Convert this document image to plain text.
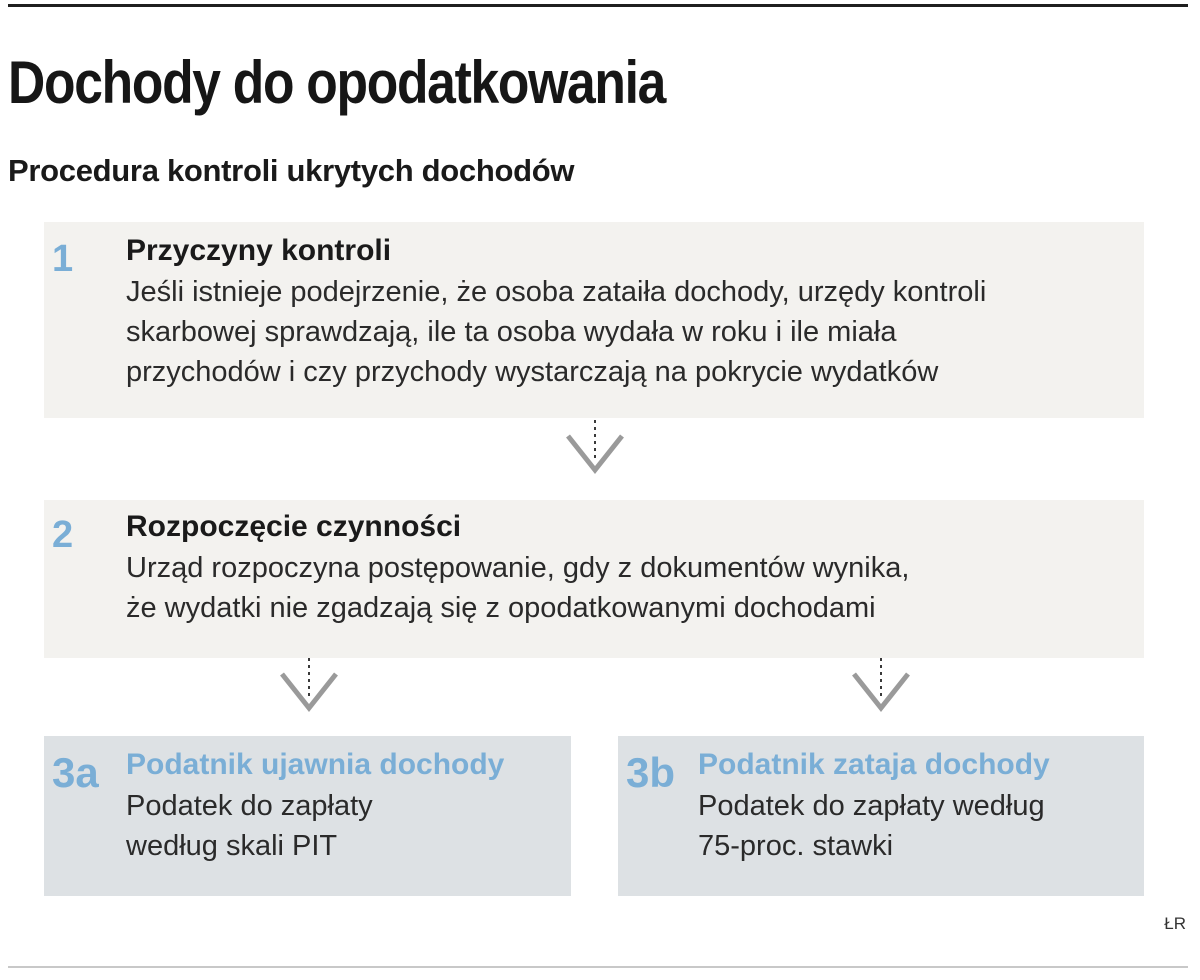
Dochody do opodatkowania
Procedura kontroli ukrytych dochodów
1 Przyczyny kontroli
Jeśli istnieje podejrzenie, że osoba zataiła dochody, urzędy kontroli
skarbowej sprawdzają, ile ta osoba wydała w roku i ile miała
przychodów i czy przychody wystarczają na pokrycie wydatków
2 Rozpoczęcie czynności
Urząd rozpoczyna postępowanie, gdy z dokumentów wynika,
że wydatki nie zgadzają się z opodatkowanymi dochodami
3a Podatnik ujawnia dochody
Podatek do zapłaty
według skali PIT
3b Podatnik zataja dochody
Podatek do zapłaty według
75-proc. stawki
ŁR
